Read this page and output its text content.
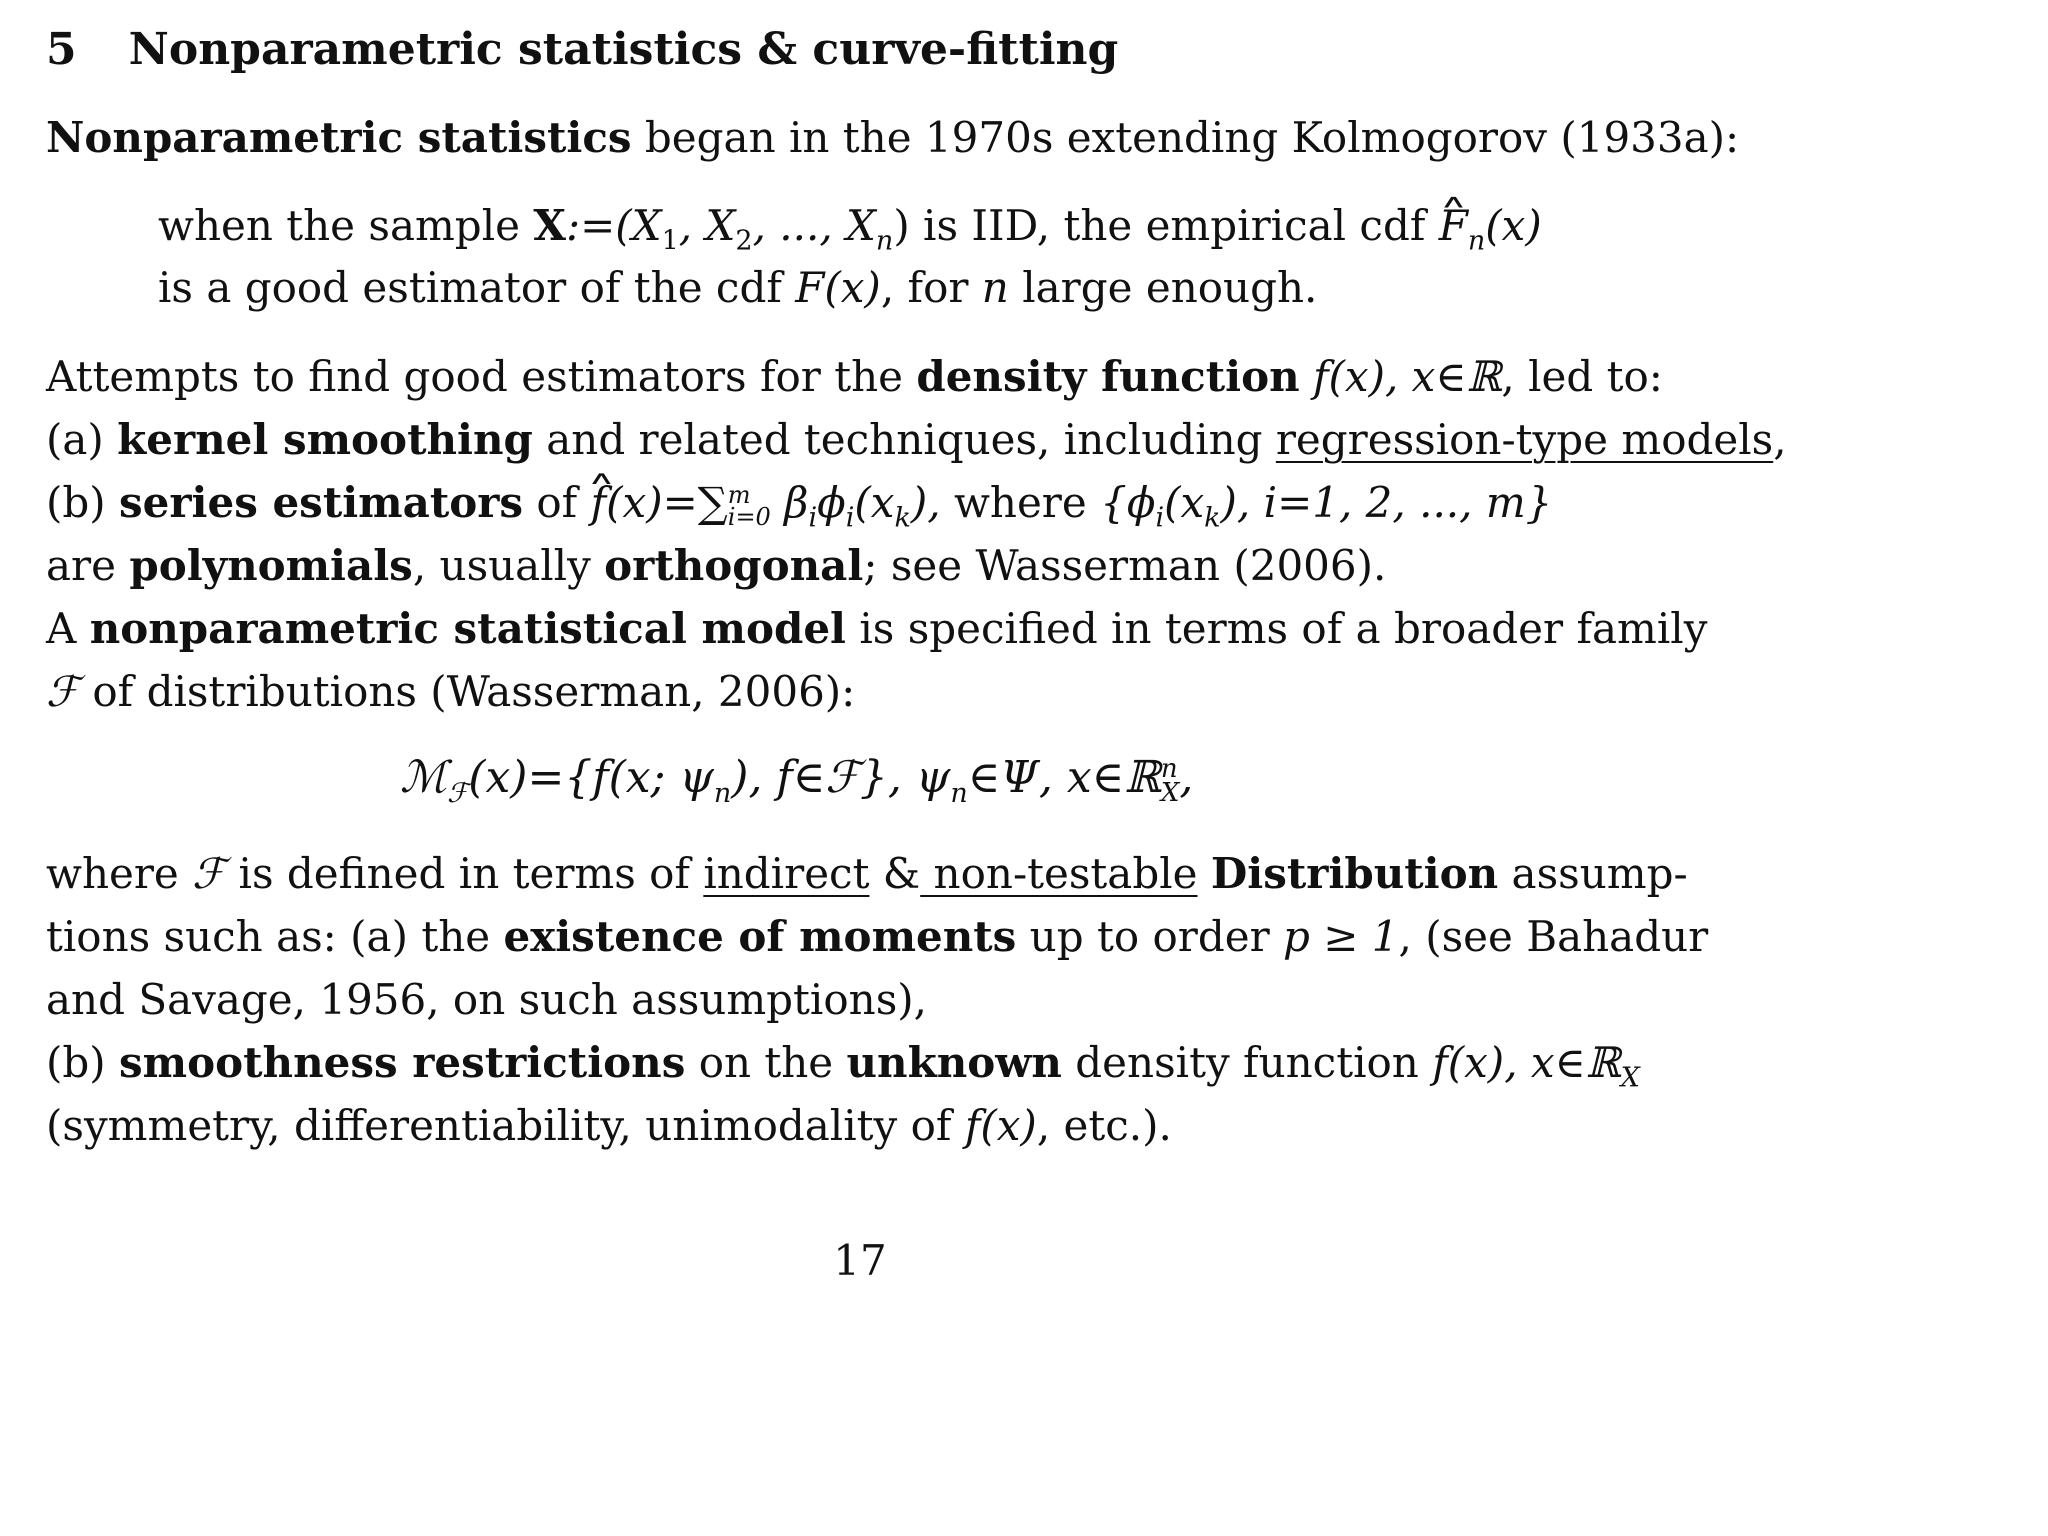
5 Nonparametric statistics & curve-fitting
Nonparametric statistics began in the 1970s extending Kolmogorov (1933a):
when the sample $X:=(X_1$, $X_2$, ..., $X_n$) is IID, the empirical cdf ∧ $F_n(x)$
is a good estimator of the cdf F(x), for n large enough.
Attempts to find good estimators for the density function f(x), x∈ℝ, led to:
(a) kernel smoothing and related techniques, including regression-type models,
(b) series estimators of ∧ f(x)=∑ m
i=0 $\beta_i\phi_i(x_k)$, where {$\phi_i(x_k)$, i=1, 2, ..., m}
are polynomials, usually orthogonal; see Wasserman (2006).
A nonparametric statistical model is specified in terms of a broader family
ℱ of distributions (Wasserman, 2006):
ℳ$_ℱ$(x)={f(x; $\psi_n$), f∈ℱ}, $\psi_n\in\Psi$, x∈ℝ n
X ,
where ℱ is defined in terms of indirect & non-testable Distribution assump-
tions such as: (a) the existence of moments up to order p ≥ 1, (see Bahadur
and Savage, 1956, on such assumptions),
(b) smoothness restrictions on the unknown density function f(x), x∈ℝ$_X$
(symmetry, differentiability, unimodality of f(x), etc.).
17
